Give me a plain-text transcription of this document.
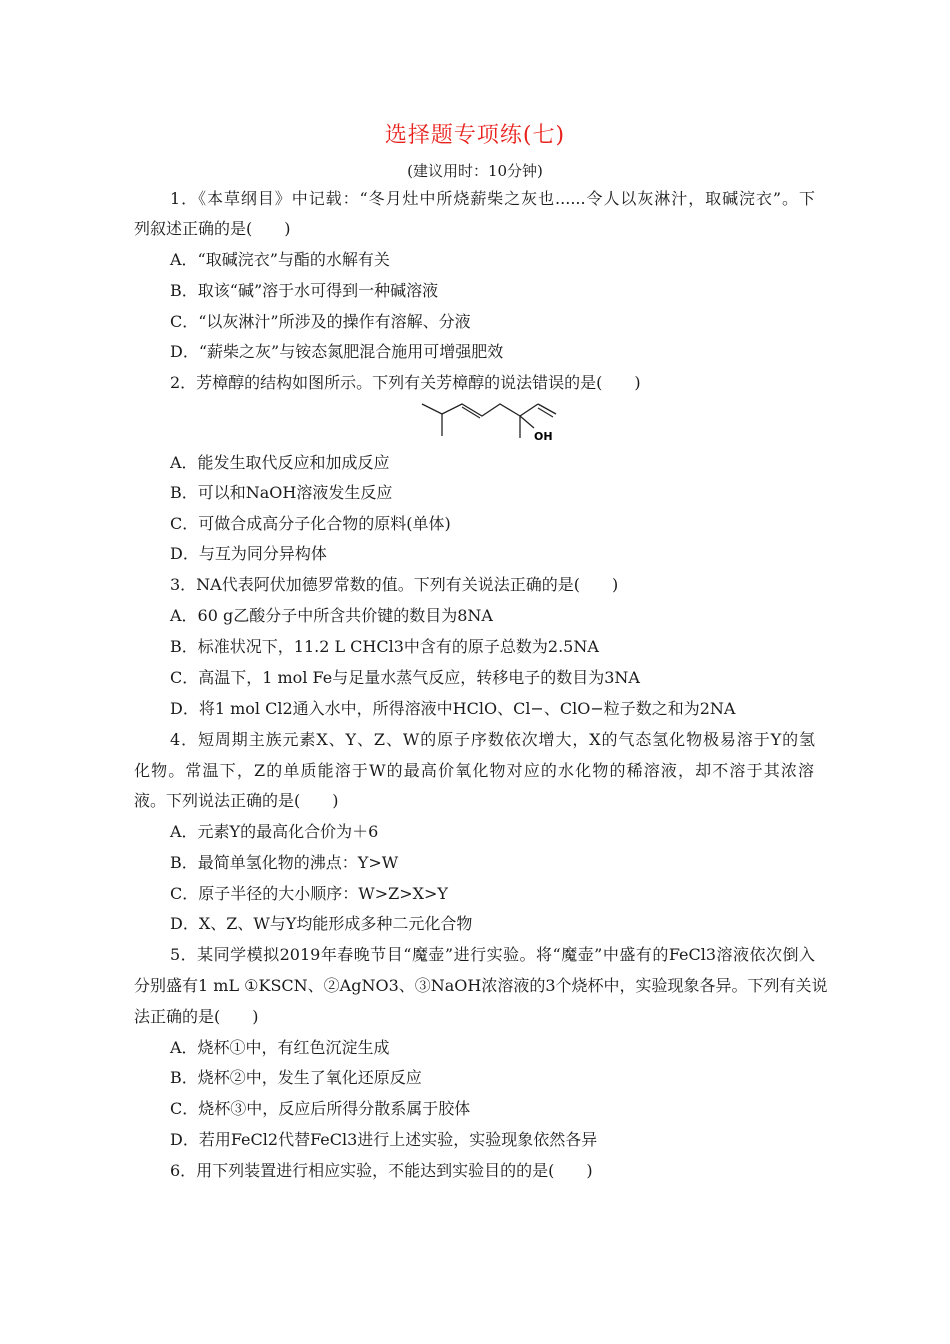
选择题专项练(七)
(建议用时：10分钟)
1．《本草纲目》中记载：“冬月灶中所烧薪柴之灰也......令人以灰淋汁，取碱浣衣”。下
列叙述正确的是(　　)
A．“取碱浣衣”与酯的水解有关
B．取该“碱”溶于水可得到一种碱溶液
C．“以灰淋汁”所涉及的操作有溶解、分液
D．“薪柴之灰”与铵态氮肥混合施用可增强肥效
2．芳樟醇的结构如图所示。下列有关芳樟醇的说法错误的是(　　)
OH
A．能发生取代反应和加成反应
B．可以和NaOH溶液发生反应
C．可做合成高分子化合物的原料(单体)
D．与互为同分异构体
3．NA代表阿伏加德罗常数的值。下列有关说法正确的是(　　)
A．60 g乙酸分子中所含共价键的数目为8NA
B．标准状况下，11.2 L CHCl3中含有的原子总数为2.5NA
C．高温下，1 mol Fe与足量水蒸气反应，转移电子的数目为3NA
D．将1 mol Cl2通入水中，所得溶液中HClO、Cl−、ClO−粒子数之和为2NA
4．短周期主族元素X、Y、Z、W的原子序数依次增大，X的气态氢化物极易溶于Y的氢
化物。常温下，Z的单质能溶于W的最高价氧化物对应的水化物的稀溶液，却不溶于其浓溶
液。下列说法正确的是(　　)
A．元素Y的最高化合价为＋6
B．最简单氢化物的沸点：Y>W
C．原子半径的大小顺序：W>Z>X>Y
D．X、Z、W与Y均能形成多种二元化合物
5．某同学模拟2019年春晚节目“魔壶”进行实验。将“魔壶”中盛有的FeCl3溶液依次倒入
分别盛有1 mL ①KSCN、②AgNO3、③NaOH浓溶液的3个烧杯中，实验现象各异。下列有关说
法正确的是(　　)
A．烧杯①中，有红色沉淀生成
B．烧杯②中，发生了氧化还原反应
C．烧杯③中，反应后所得分散系属于胶体
D．若用FeCl2代替FeCl3进行上述实验，实验现象依然各异
6．用下列装置进行相应实验，不能达到实验目的的是(　　)
